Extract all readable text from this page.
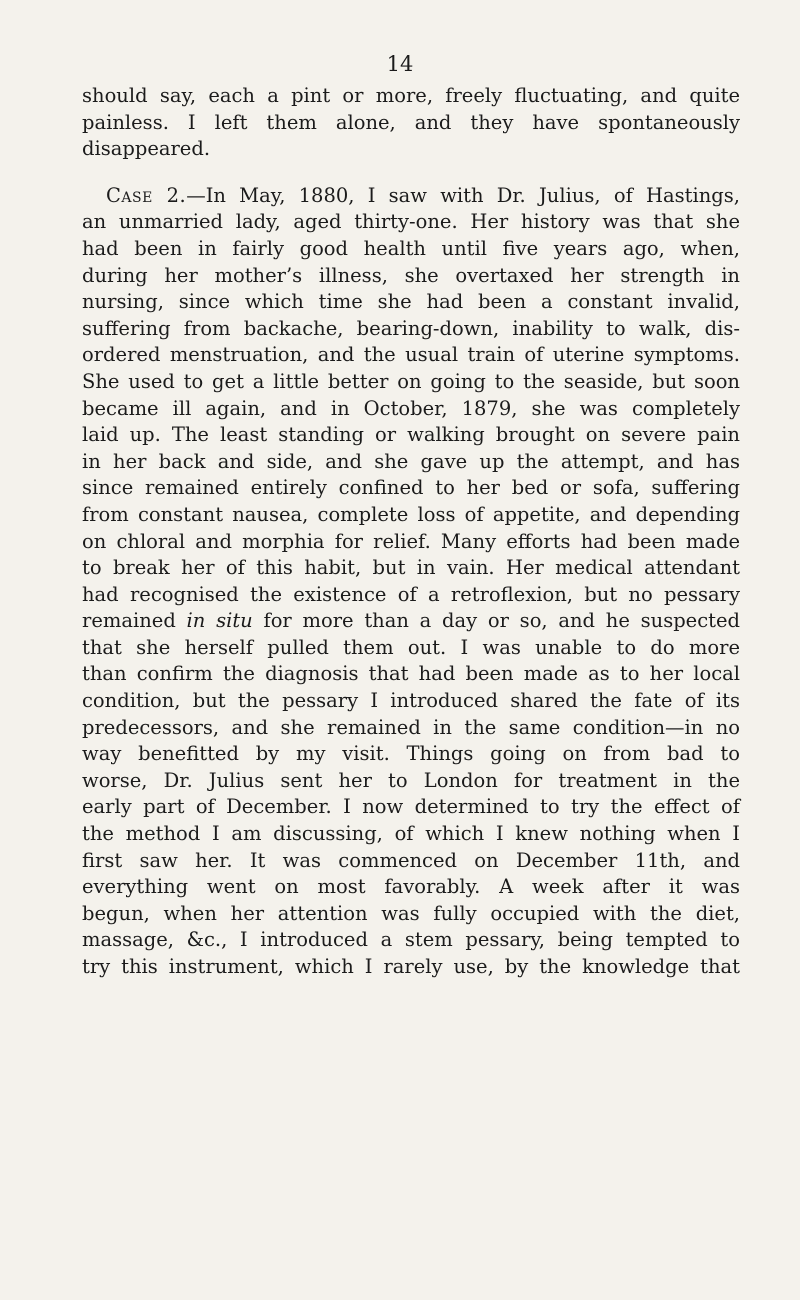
14
should say, each a pint or more, freely fluctuating, and quite
painless. I left them alone, and they have spontaneously
disappeared.
Case 2.—In May, 1880, I saw with Dr. Julius, of Hastings,
an unmarried lady, aged thirty-one. Her history was that she
had been in fairly good health until five years ago, when,
during her mother’s illness, she overtaxed her strength in
nursing, since which time she had been a constant invalid,
suffering from backache, bearing-down, inability to walk, dis-
ordered menstruation, and the usual train of uterine symptoms.
She used to get a little better on going to the seaside, but soon
became ill again, and in October, 1879, she was completely
laid up. The least standing or walking brought on severe pain
in her back and side, and she gave up the attempt, and has
since remained entirely confined to her bed or sofa, suffering
from constant nausea, complete loss of appetite, and depending
on chloral and morphia for relief. Many efforts had been made
to break her of this habit, but in vain. Her medical attendant
had recognised the existence of a retroflexion, but no pessary
remained in situ for more than a day or so, and he suspected
that she herself pulled them out. I was unable to do more
than confirm the diagnosis that had been made as to her local
condition, but the pessary I introduced shared the fate of its
predecessors, and she remained in the same condition—in no
way benefitted by my visit. Things going on from bad to
worse, Dr. Julius sent her to London for treatment in the
early part of December. I now determined to try the effect of
the method I am discussing, of which I knew nothing when I
first saw her. It was commenced on December 11th, and
everything went on most favorably. A week after it was
begun, when her attention was fully occupied with the diet,
massage, &c., I introduced a stem pessary, being tempted to
try this instrument, which I rarely use, by the knowledge that
